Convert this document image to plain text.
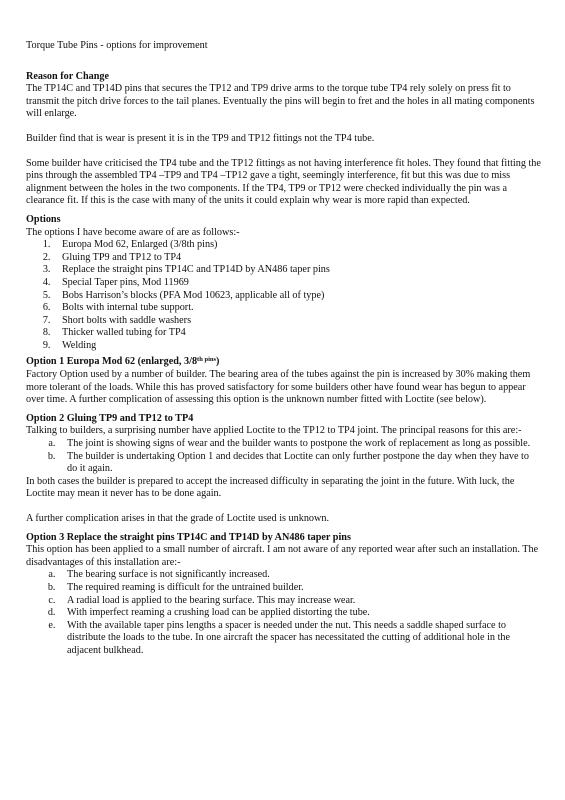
Torque Tube Pins - options for improvement

Reason for Change

The TP14C and TP14D pins that secures the TP12 and TP9 drive arms to the torque tube TP4 rely solely on press fit to transmit the pitch drive forces to the tail planes. Eventually the pins will begin to fret and the holes in all mating components will enlarge.

Builder find that is wear is present it is in the TP9 and TP12 fittings not the TP4 tube.

Some builder have criticised the TP4 tube and the TP12 fittings as not having interference fit holes. They found that fitting the pins through the assembled TP4 –TP9 and TP4 –TP12 gave a tight, seemingly interference, fit but this was due to miss alignment between the holes in the two components. If the TP4, TP9 or TP12 were checked individually the pin was a clearance fit. If this is the case with many of the units it could explain why wear is more rapid than expected.

Options

The options I have become aware of are as follows:-

1. Europa Mod 62, Enlarged (3/8th pins)
2. Gluing TP9 and TP12 to TP4
3. Replace the straight pins TP14C and TP14D by AN486 taper pins
4. Special Taper pins, Mod 11969
5. Bobs Harrison’s blocks (PFA Mod 10623, applicable all of type)
6. Bolts with internal tube support.
7. Short bolts with saddle washers
8. Thicker walled tubing for TP4
9. Welding

Option 1 Europa Mod 62 (enlarged, $3/8^{th pins}$)

Factory Option used by a number of builder. The bearing area of the tubes against the pin is increased by 30% making them more tolerant of the loads. While this has proved satisfactory for some builders other have found wear has begun to appear over time. A further complication of assessing this option is the unknown number fitted with Loctite (see below).

Option 2 Gluing TP9 and TP12 to TP4

Talking to builders, a surprising number have applied Loctite to the TP12 to TP4 joint. The principal reasons for this are:-

a. The joint is showing signs of wear and the builder wants to postpone the work of replacement as long as possible.
b. The builder is undertaking Option 1 and decides that Loctite can only further postpone the day when they have to do it again.

In both cases the builder is prepared to accept the increased difficulty in separating the joint in the future. With luck, the Loctite may mean it never has to be done again.

A further complication arises in that the grade of Loctite used is unknown.

Option 3 Replace the straight pins TP14C and TP14D by AN486 taper pins

This option has been applied to a small number of aircraft. I am not aware of any reported wear after such an installation. The disadvantages of this installation are:-

a. The bearing surface is not significantly increased.
b. The required reaming is difficult for the untrained builder.
c. A radial load is applied to the bearing surface. This may increase wear.
d. With imperfect reaming a crushing load can be applied distorting the tube.
e. With the available taper pins lengths a spacer is needed under the nut. This needs a saddle shaped surface to distribute the loads to the tube. In one aircraft the spacer has necessitated the cutting of additional hole in the adjacent bulkhead.
